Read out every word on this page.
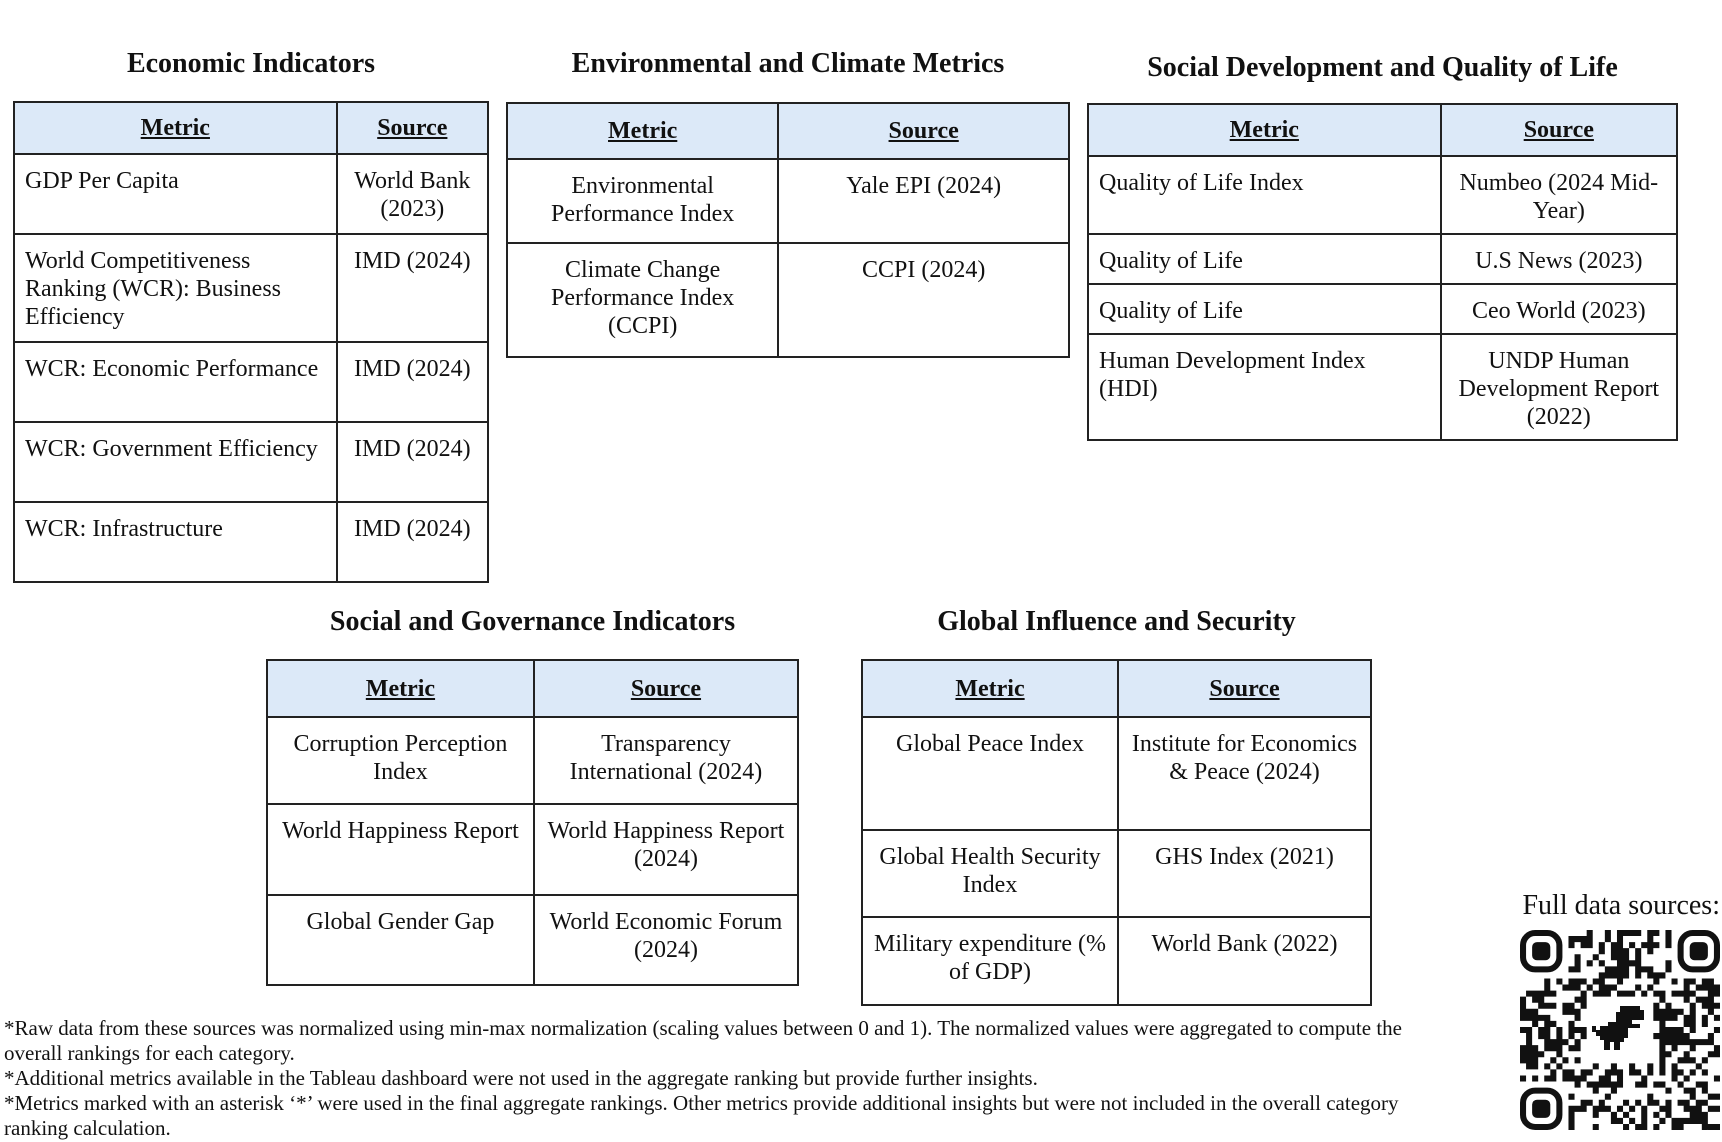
Economic Indicators
Metric	Source
GDP Per Capita	World Bank (2023)
World Competitiveness Ranking (WCR): Business Efficiency	IMD (2024)
WCR: Economic Performance	IMD (2024)
WCR: Government Efficiency	IMD (2024)
WCR: Infrastructure	IMD (2024)
Environmental and Climate Metrics
Metric	Source
Environmental Performance Index	Yale EPI (2024)
Climate Change Performance Index (CCPI)	CCPI (2024)
Social Development and Quality of Life
Metric	Source
Quality of Life Index	Numbeo (2024 Mid-Year)
Quality of Life	U.S News (2023)
Quality of Life	Ceo World (2023)
Human Development Index (HDI)	UNDP Human Development Report (2022)
Social and Governance Indicators
Metric	Source
Corruption Perception Index	Transparency International (2024)
World Happiness Report	World Happiness Report (2024)
Global Gender Gap	World Economic Forum (2024)
Global Influence and Security
Metric	Source
Global Peace Index	Institute for Economics & Peace (2024)
Global Health Security Index	GHS Index (2021)
Military expenditure (% of GDP)	World Bank (2022)

*Raw data from these sources was normalized using min-max normalization (scaling values between 0 and 1). The normalized values were aggregated to compute the overall rankings for each category.

*Additional metrics available in the Tableau dashboard were not used in the aggregate ranking but provide further insights.

*Metrics marked with an asterisk ‘*’ were used in the final aggregate rankings. Other metrics provide additional insights but were not included in the overall category ranking calculation.

Full data sources:
